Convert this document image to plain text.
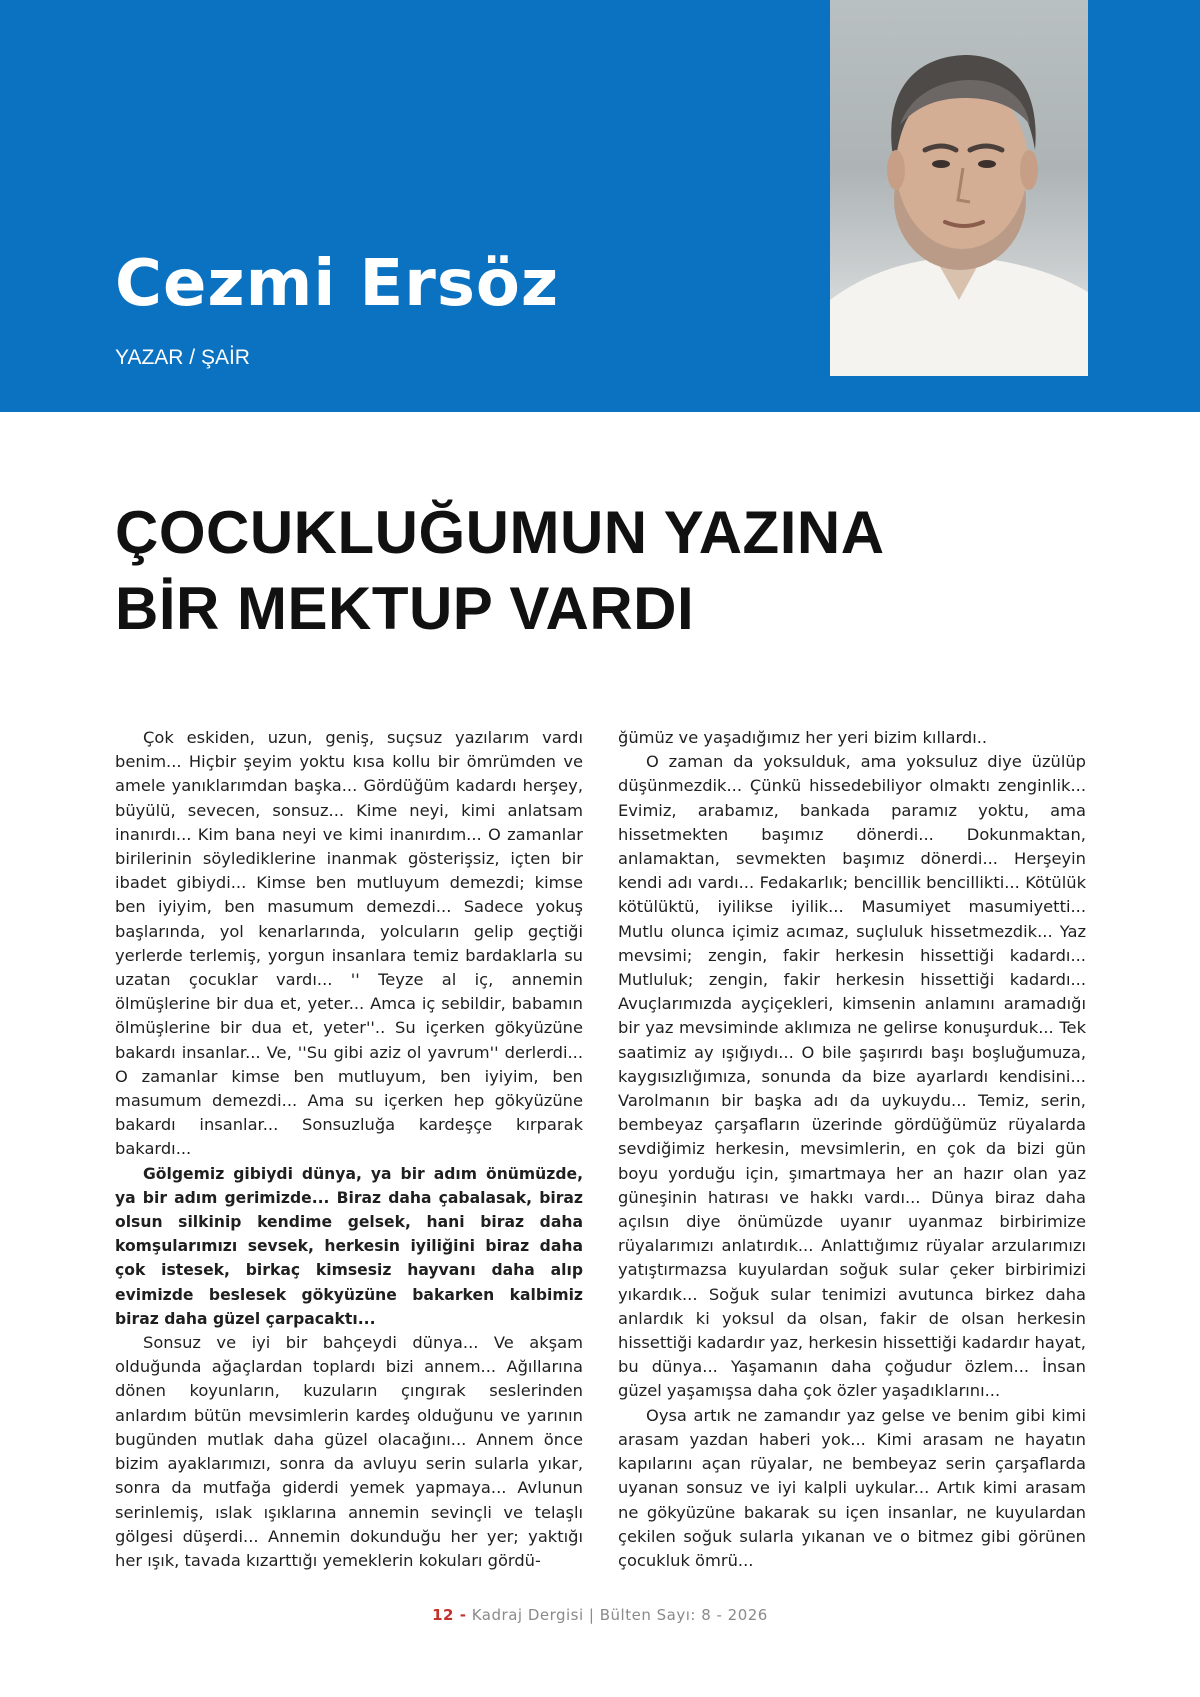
Cezmi Ersöz
YAZAR / ŞAİR
ÇOCUKLUĞUMUN YAZINA
BİR MEKTUP VARDI

Çok eskiden, uzun, geniş, suçsuz yazılarım vardı benim... Hiçbir şeyim yoktu kısa kollu bir ömrümden ve amele yanıklarımdan başka... Gördüğüm kadardı herşey, büyülü, sevecen, sonsuz... Kime neyi, kimi anlatsam inanırdı... Kim bana neyi ve kimi inanırdım... O zamanlar birilerinin söylediklerine inanmak gösterişsiz, içten bir ibadet gibiydi... Kimse ben mutluyum demezdi; kimse ben iyiyim, ben masumum demezdi... Sadece yokuş başlarında, yol kenarlarında, yolcuların gelip geçtiği yerlerde terlemiş, yorgun insanlara temiz bardaklarla su uzatan çocuklar vardı... '' Teyze al iç, annemin ölmüşlerine bir dua et, yeter... Amca iç sebildir, babamın ölmüşlerine bir dua et, yeter''.. Su içerken gökyüzüne bakardı insanlar... Ve, ''Su gibi aziz ol yavrum'' derlerdi... O zamanlar kimse ben mutluyum, ben iyiyim, ben masumum demezdi... Ama su içerken hep gökyüzüne bakardı insanlar... Sonsuzluğa kardeşçe kırparak bakardı...

Gölgemiz gibiydi dünya, ya bir adım önümüzde, ya bir adım gerimizde... Biraz daha çabalasak, biraz olsun silkinip kendime gelsek, hani biraz daha komşularımızı sevsek, herkesin iyiliğini biraz daha çok istesek, birkaç kimsesiz hayvanı daha alıp evimizde beslesek gökyüzüne bakarken kalbimiz biraz daha güzel çarpacaktı...

Sonsuz ve iyi bir bahçeydi dünya... Ve akşam olduğunda ağaçlardan toplardı bizi annem... Ağıllarına dönen koyunların, kuzuların çıngırak seslerinden anlardım bütün mevsimlerin kardeş olduğunu ve yarının bugünden mutlak daha güzel olacağını... Annem önce bizim ayaklarımızı, sonra da avluyu serin sularla yıkar, sonra da mutfağa giderdi yemek yapmaya... Avlunun serinlemiş, ıslak ışıklarına annemin sevinçli ve telaşlı gölgesi düşerdi... Annemin dokunduğu her yer; yaktığı her ışık, tavada kızarttığı yemeklerin kokuları gördü-

ğümüz ve yaşadığımız her yeri bizim kıllardı..

O zaman da yoksulduk, ama yoksuluz diye üzülüp düşünmezdik... Çünkü hissedebiliyor olmaktı zenginlik... Evimiz, arabamız, bankada paramız yoktu, ama hissetmekten başımız dönerdi... Dokunmaktan, anlamaktan, sevmekten başımız dönerdi... Herşeyin kendi adı vardı... Fedakarlık; bencillik bencillikti... Kötülük kötülüktü, iyilikse iyilik... Masumiyet masumiyetti... Mutlu olunca içimiz acımaz, suçluluk hissetmezdik... Yaz mevsimi; zengin, fakir herkesin hissettiği kadardı... Mutluluk; zengin, fakir herkesin hissettiği kadardı... Avuçlarımızda ayçiçekleri, kimsenin anlamını aramadığı bir yaz mevsiminde aklımıza ne gelirse konuşurduk... Tek saatimiz ay ışığıydı... O bile şaşırırdı başı boşluğumuza, kaygısızlığımıza, sonunda da bize ayarlardı kendisini... Varolmanın bir başka adı da uykuydu... Temiz, serin, bembeyaz çarşafların üzerinde gördüğümüz rüyalarda sevdiğimiz herkesin, mevsimlerin, en çok da bizi gün boyu yorduğu için, şımartmaya her an hazır olan yaz güneşinin hatırası ve hakkı vardı... Dünya biraz daha açılsın diye önümüzde uyanır uyanmaz birbirimize rüyalarımızı anlatırdık... Anlattığımız rüyalar arzularımızı yatıştırmazsa kuyulardan soğuk sular çeker birbirimizi yıkardık... Soğuk sular tenimizi avutunca birkez daha anlardık ki yoksul da olsan, fakir de olsan herkesin hissettiği kadardır yaz, herkesin hissettiği kadardır hayat, bu dünya... Yaşamanın daha çoğudur özlem... İnsan güzel yaşamışsa daha çok özler yaşadıklarını...

Oysa artık ne zamandır yaz gelse ve benim gibi kimi arasam yazdan haberi yok... Kimi arasam ne hayatın kapılarını açan rüyalar, ne bembeyaz serin çarşaflarda uyanan sonsuz ve iyi kalpli uykular... Artık kimi arasam ne gökyüzüne bakarak su içen insanlar, ne kuyulardan çekilen soğuk sularla yıkanan ve o bitmez gibi görünen çocukluk ömrü...

12 - Kadraj Dergisi | Bülten Sayı: 8 - 2026
